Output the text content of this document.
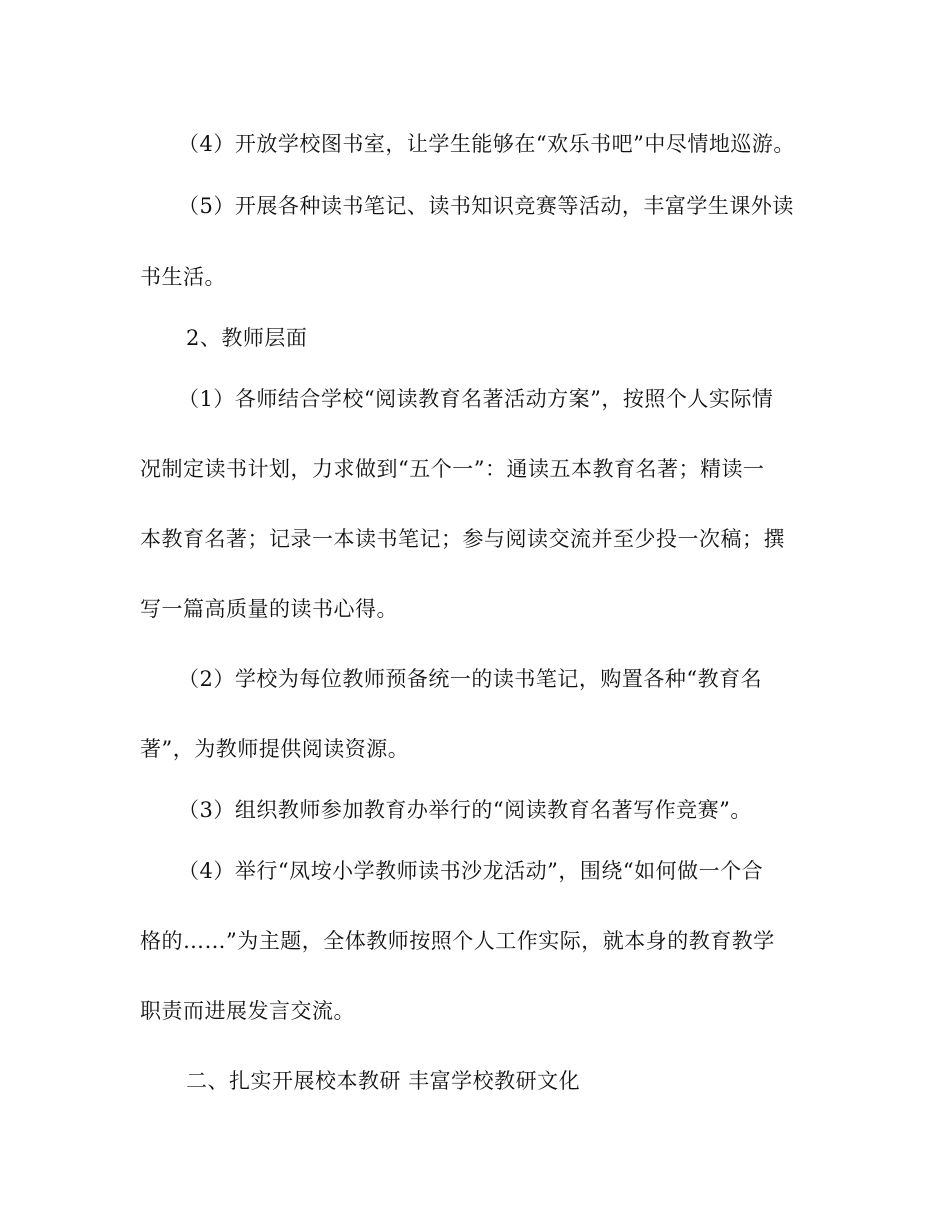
（4）开放学校图书室，让学生能够在“欢乐书吧”中尽情地巡游。

（5）开展各种读书笔记、读书知识竞赛等活动，丰富学生课外读

书生活。

2、教师层面

（1）各师结合学校“阅读教育名著活动方案”，按照个人实际情

况制定读书计划，力求做到“五个一”：通读五本教育名著；精读一

本教育名著；记录一本读书笔记；参与阅读交流并至少投一次稿；撰

写一篇高质量的读书心得。

（2）学校为每位教师预备统一的读书笔记，购置各种“教育名

著”，为教师提供阅读资源。

（3）组织教师参加教育办举行的“阅读教育名著写作竞赛”。

（4）举行“凤垵小学教师读书沙龙活动”，围绕“如何做一个合

格的……”为主题，全体教师按照个人工作实际，就本身的教育教学

职责而进展发言交流。

二、扎实开展校本教研 丰富学校教研文化
